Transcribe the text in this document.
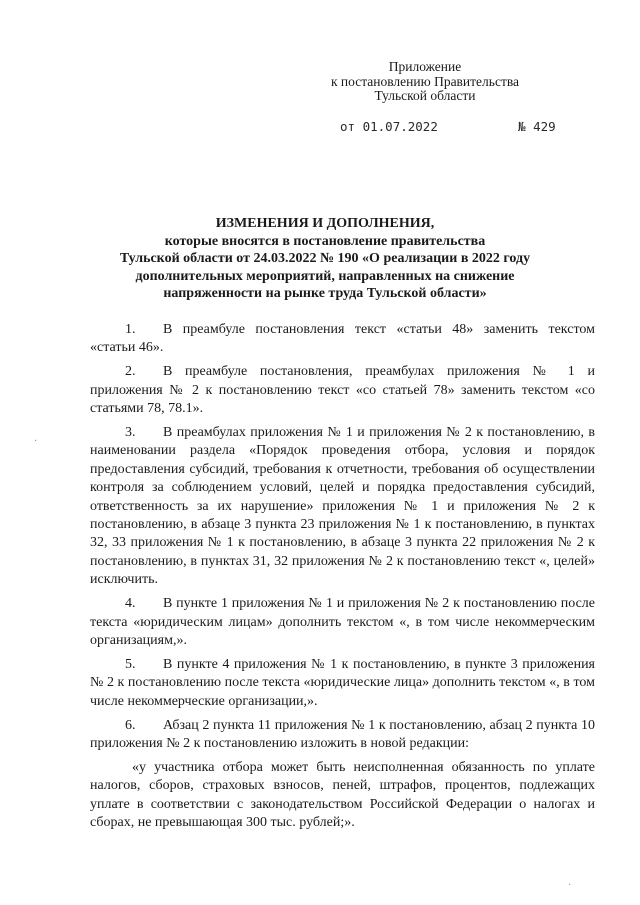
Приложение
к постановлению Правительства
Тульской области
от 01.07.2022	№ 429
ИЗМЕНЕНИЯ И ДОПОЛНЕНИЯ,
которые вносятся в постановление правительства
Тульской области от 24.03.2022 № 190 «О реализации в 2022 году
дополнительных мероприятий, направленных на снижение
напряженности на рынке труда Тульской области»

1. В преамбуле постановления текст «статьи 48» заменить текстом «статьи 46».

2. В преамбуле постановления, преамбулах приложения № 1 и приложения № 2 к постановлению текст «со статьей 78» заменить текстом «со статьями 78, 78.1».

3. В преамбулах приложения № 1 и приложения № 2 к постановлению, в наименовании раздела «Порядок проведения отбора, условия и порядок предоставления субсидий, требования к отчетности, требования об осуществлении контроля за соблюдением условий, целей и порядка предоставления субсидий, ответственность за их нарушение» приложения № 1 и приложения № 2 к постановлению, в абзаце 3 пункта 23 приложения № 1 к постановлению, в пунктах 32, 33 приложения № 1 к постановлению, в абзаце 3 пункта 22 приложения № 2 к постановлению, в пунктах 31, 32 приложения № 2 к постановлению текст «, целей» исключить.

4. В пункте 1 приложения № 1 и приложения № 2 к постановлению после текста «юридическим лицам» дополнить текстом «, в том числе некоммерческим организациям,».

5. В пункте 4 приложения № 1 к постановлению, в пункте 3 приложения № 2 к постановлению после текста «юридические лица» дополнить текстом «, в том числе некоммерческие организации,».

6. Абзац 2 пункта 11 приложения № 1 к постановлению, абзац 2 пункта 10 приложения № 2 к постановлению изложить в новой редакции:

«у участника отбора может быть неисполненная обязанность по уплате налогов, сборов, страховых взносов, пеней, штрафов, процентов, подлежащих уплате в соответствии с законодательством Российской Федерации о налогах и сборах, не превышающая 300 тыс. рублей;».

·
·
